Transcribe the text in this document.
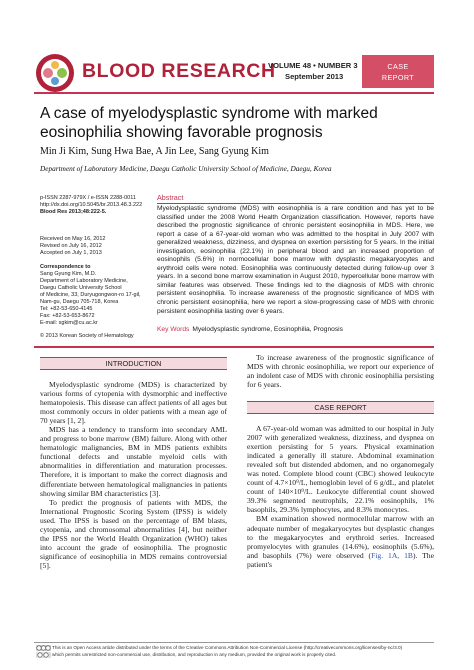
BLOOD RESEARCH
VOLUME 48 • NUMBER 3
September 2013
CASE
REPORT
A case of myelodysplastic syndrome with marked eosinophilia showing favorable prognosis
Min Ji Kim, Sung Hwa Bae, A Jin Lee, Sang Gyung Kim
Department of Laboratory Medicine, Daegu Catholic University School of Medicine, Daegu, Korea
p-ISSN 2287-979X / e-ISSN 2288-0011
http://dx.doi.org/10.5045/br.2013.48.3.222
Blood Res 2013;48:222-5.
Received on May 16, 2012
Revised on July 16, 2012
Accepted on July 1, 2013
Correspondence to
Sang Gyung Kim, M.D.
Department of Laboratory Medicine,
Daegu Catholic University School
of Medicine, 33, Duryugongwon-ro 17-gil,
Nam-gu, Daegu 705-718, Korea
Tel: +82-53-650-4145
Fax: +82-53-653-8672
E-mail: sgkim@cu.ac.kr
© 2013 Korean Society of Hematology
Abstract
Myelodysplastic syndrome (MDS) with eosinophilia is a rare condition and has yet to be classified under the 2008 World Health Organization classification. However, reports have described the prognostic significance of chronic persistent eosinophilia in MDS. Here, we report a case of a 67-year-old woman who was admitted to the hospital in July 2007 with generalized weakness, dizziness, and dyspnea on exertion persisting for 5 years. In the initial investigation, eosinophilia (22.1%) in peripheral blood and an increased proportion of eosinophils (5.6%) in normocellular bone marrow with dysplastic megakaryocytes and erythroid cells were noted. Eosinophilia was continuously detected during follow-up over 3 years. In a second bone marrow examination in August 2010, hypercellular bone marrow with similar features was observed. These findings led to the diagnosis of MDS with chronic persistent eosinophilia. To increase awareness of the prognostic significance of MDS with chronic persistent eosinophilia, here we report a slow-progressing case of MDS with chronic persistent eosinophilia lasting over 6 years.
Key Words Myelodysplastic syndrome, Eosinophilia, Prognosis
INTRODUCTION

Myelodysplastic syndrome (MDS) is characterized by various forms of cytopenia with dysmorphic and ineffective hematopoiesis. This disease can affect patients of all ages but most commonly occurs in older patients with a mean age of 70 years [1, 2].

MDS has a tendency to transform into secondary AML and progress to bone marrow (BM) failure. Along with other hematologic malignancies, BM in MDS patients exhibits functional defects and unstable myeloid cells with abnormalities in differentiation and maturation processes. Therefore, it is important to make the correct diagnosis and differentiate between hematological malignancies in patients showing similar BM characteristics [3].

To predict the prognosis of patients with MDS, the International Prognostic Scoring System (IPSS) is widely used. The IPSS is based on the percentage of BM blasts, cytopenia, and chromosomal abnormalities [4], but neither the IPSS nor the World Health Organization (WHO) takes into account the grade of eosinophilia. The prognostic significance of eosinophilia in MDS remains controversial [5].

To increase awareness of the prognostic significance of MDS with chronic eosinophilia, we report our experience of an indolent case of MDS with chronic eosinophilia persisting for 6 years.

CASE REPORT

A 67-year-old woman was admitted to our hospital in July 2007 with generalized weakness, dizziness, and dyspnea on exertion persisting for 5 years. Physical examination indicated a generally ill stature. Abdominal examination revealed soft but distended abdomen, and no organomegaly was noted. Complete blood count (CBC) showed leukocyte count of 4.7×10⁹/L, hemoglobin level of 6 g/dL, and platelet count of 140×10⁹/L. Leukocyte differential count showed 39.3% segmented neutrophils, 22.1% eosinophils, 1% basophils, 29.3% lymphocytes, and 8.3% monocytes.

BM examination showed normocellular marrow with an adequate number of megakaryocytes but dysplastic changes to the megakaryocytes and erythroid series. Increased promyelocytes with granules (14.6%), eosinophils (5.6%), and basophils (7%) were observed (Fig. 1A, 1B). The patient's

This is an Open Access article distributed under the terms of the Creative Commons Attribution Non-Commercial License (http://creativecommons.org/licenses/by-nc/3.0)
which permits unrestricted non-commercial use, distribution, and reproduction in any medium, provided the original work is properly cited.
